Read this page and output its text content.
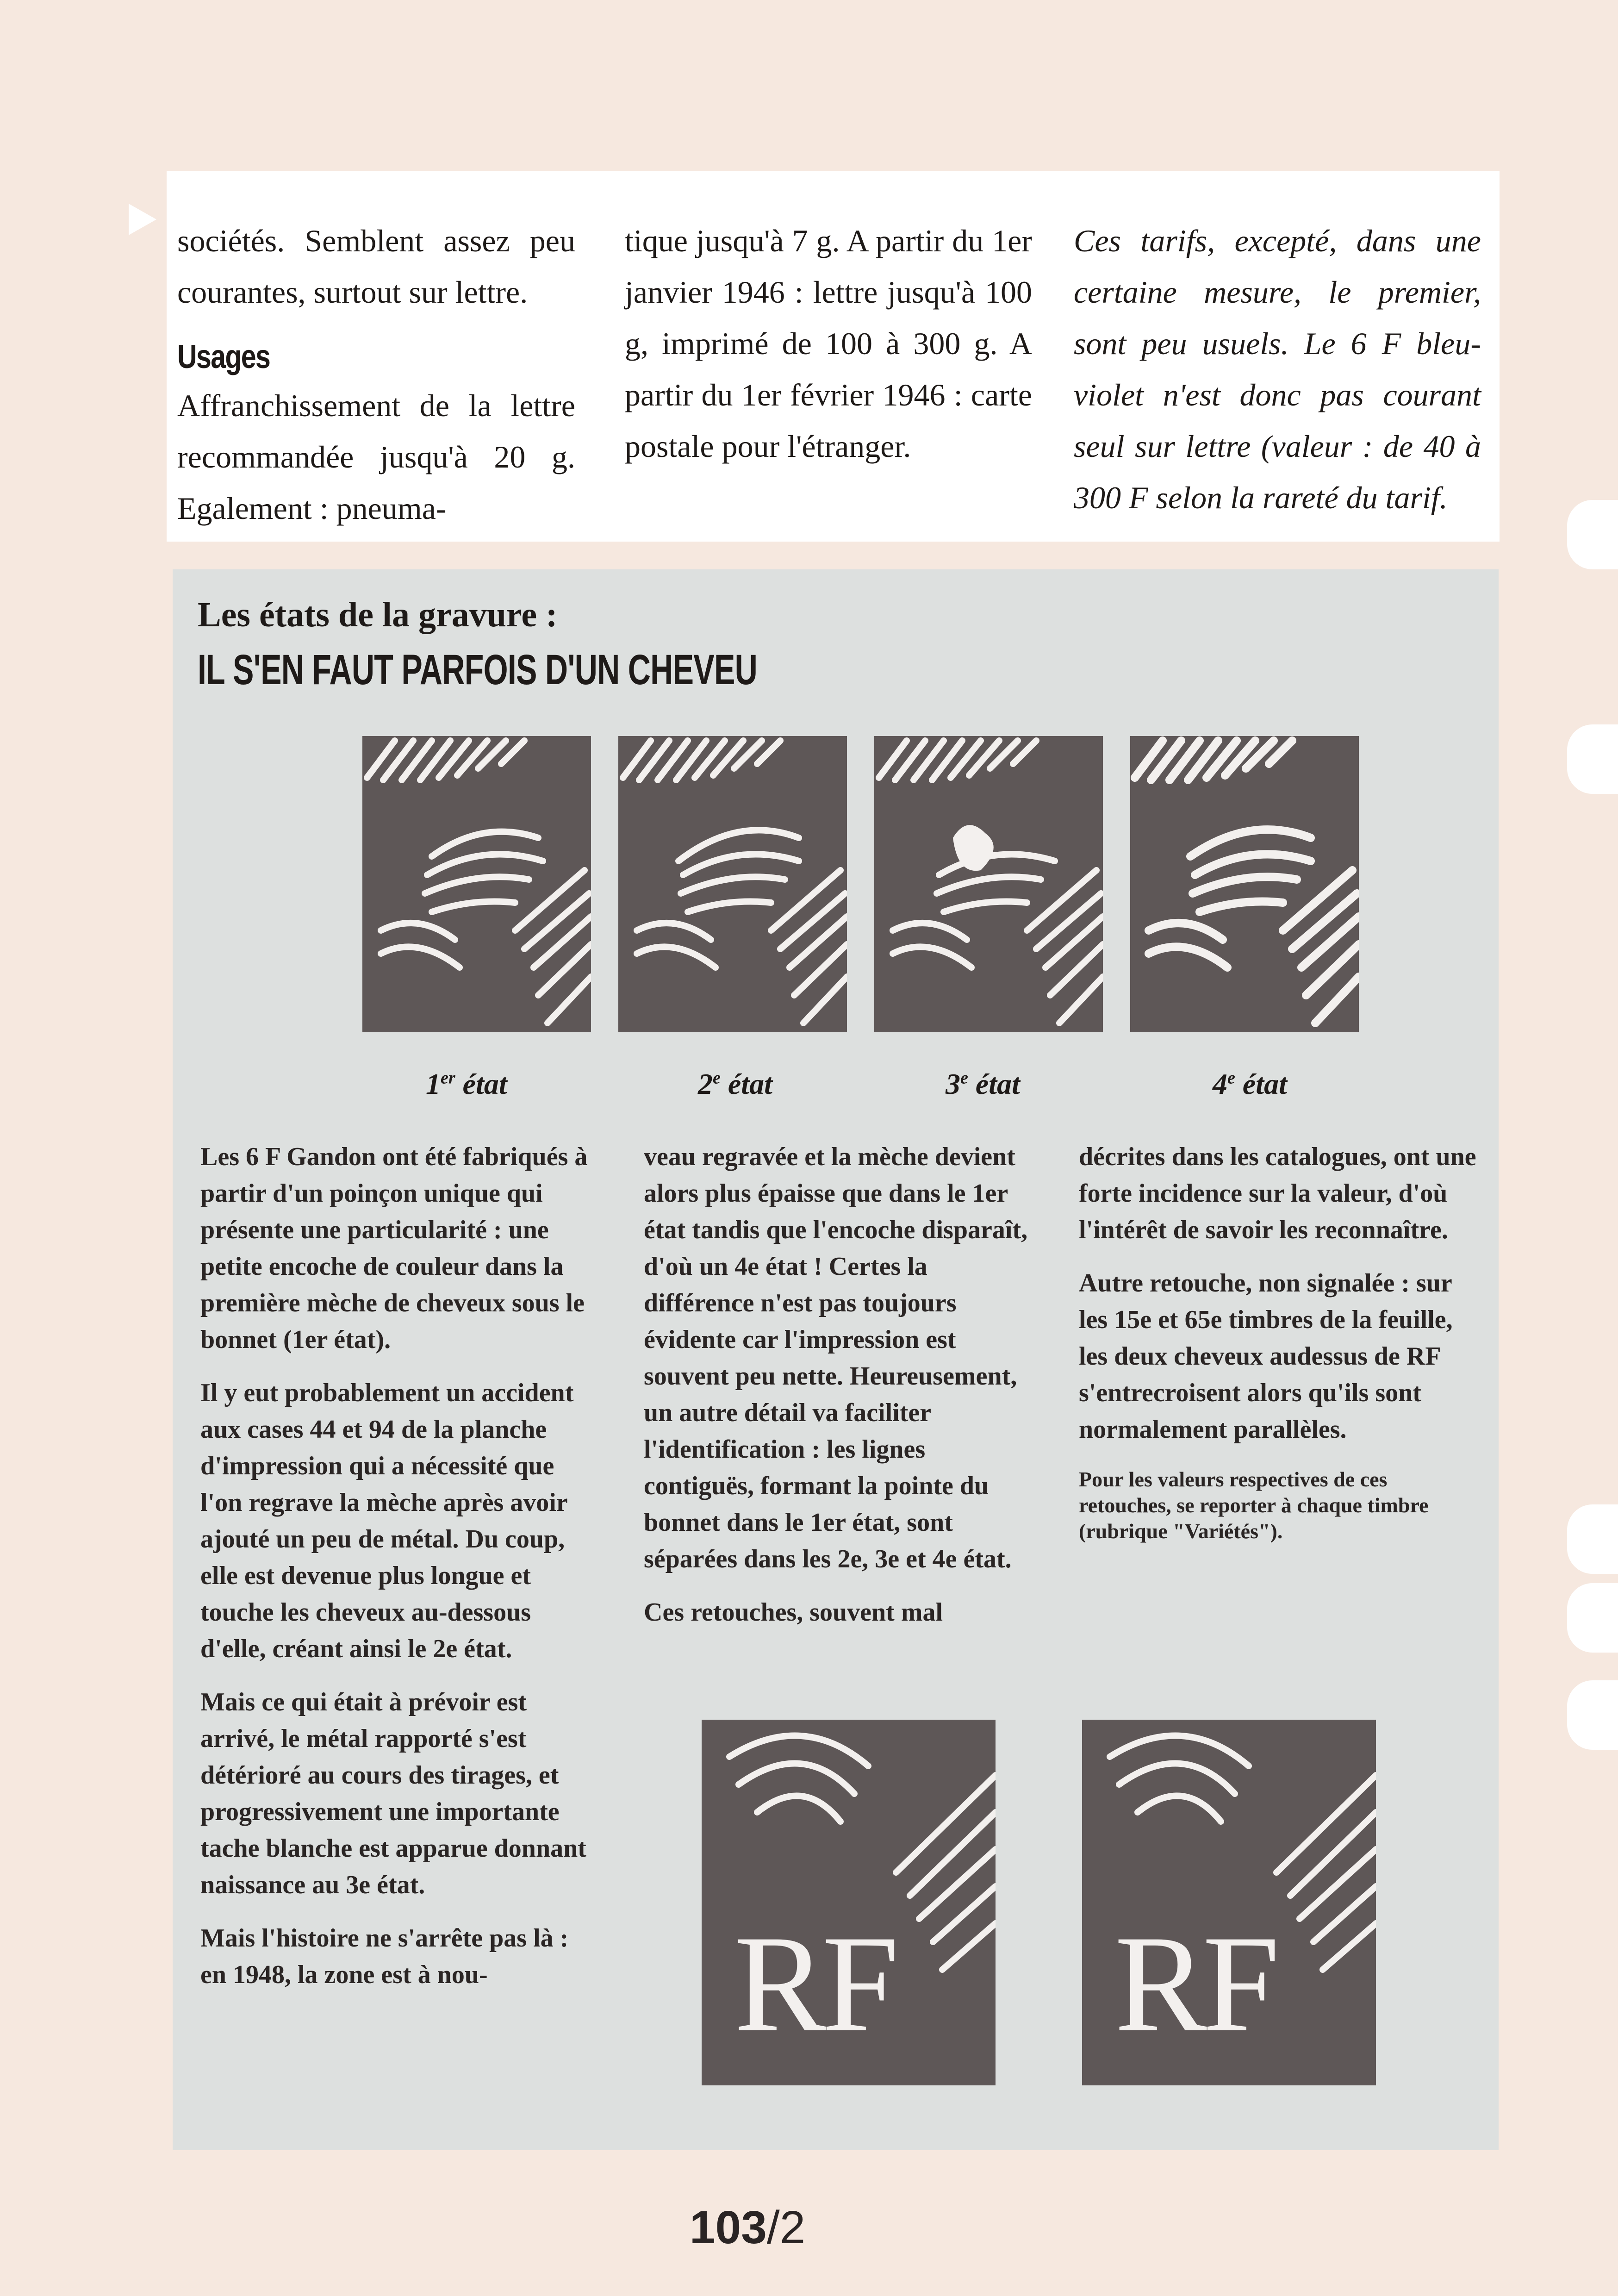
sociétés. Semblent assez peu courantes, surtout sur lettre.

Usages

Affranchissement de la lettre recommandée jusqu'à 20 g. Egalement : pneuma-

tique jusqu'à 7 g. A partir du 1er janvier 1946 : lettre jusqu'à 100 g, imprimé de 100 à 300 g. A partir du 1er février 1946 : carte postale pour l'étranger.

Ces tarifs, excepté, dans une certaine mesure, le premier, sont peu usuels. Le 6 F bleu-violet n'est donc pas courant seul sur lettre (valeur : de 40 à 300 F selon la rareté du tarif.

Les états de la gravure :
IL S'EN FAUT PARFOIS D'UN CHEVEU
1er état	2e état	3e état	4e état

Les 6 F Gandon ont été fabriqués à partir d'un poinçon unique qui présente une particularité : une petite encoche de couleur dans la première mèche de cheveux sous le bonnet (1er état).

Il y eut probablement un accident aux cases 44 et 94 de la planche d'impression qui a nécessité que l'on regrave la mèche après avoir ajouté un peu de métal. Du coup, elle est devenue plus longue et touche les cheveux au-dessous d'elle, créant ainsi le 2e état.

Mais ce qui était à prévoir est arrivé, le métal rapporté s'est détérioré au cours des tirages, et progressivement une importante tache blanche est apparue donnant naissance au 3e état.

Mais l'histoire ne s'arrête pas là : en 1948, la zone est à nou-

veau regravée et la mèche devient alors plus épaisse que dans le 1er état tandis que l'encoche disparaît, d'où un 4e état ! Certes la différence n'est pas toujours évidente car l'impression est souvent peu nette. Heureusement, un autre détail va faciliter l'identification : les lignes contiguës, formant la pointe du bonnet dans le 1er état, sont séparées dans les 2e, 3e et 4e état.

Ces retouches, souvent mal

décrites dans les catalogues, ont une forte incidence sur la valeur, d'où l'intérêt de savoir les reconnaître.

Autre retouche, non signalée : sur les 15e et 65e timbres de la feuille, les deux cheveux audessus de RF s'entrecroisent alors qu'ils sont normalement parallèles.

Pour les valeurs respectives de ces retouches, se reporter à chaque timbre (rubrique "Variétés").

RF RF
103/2
